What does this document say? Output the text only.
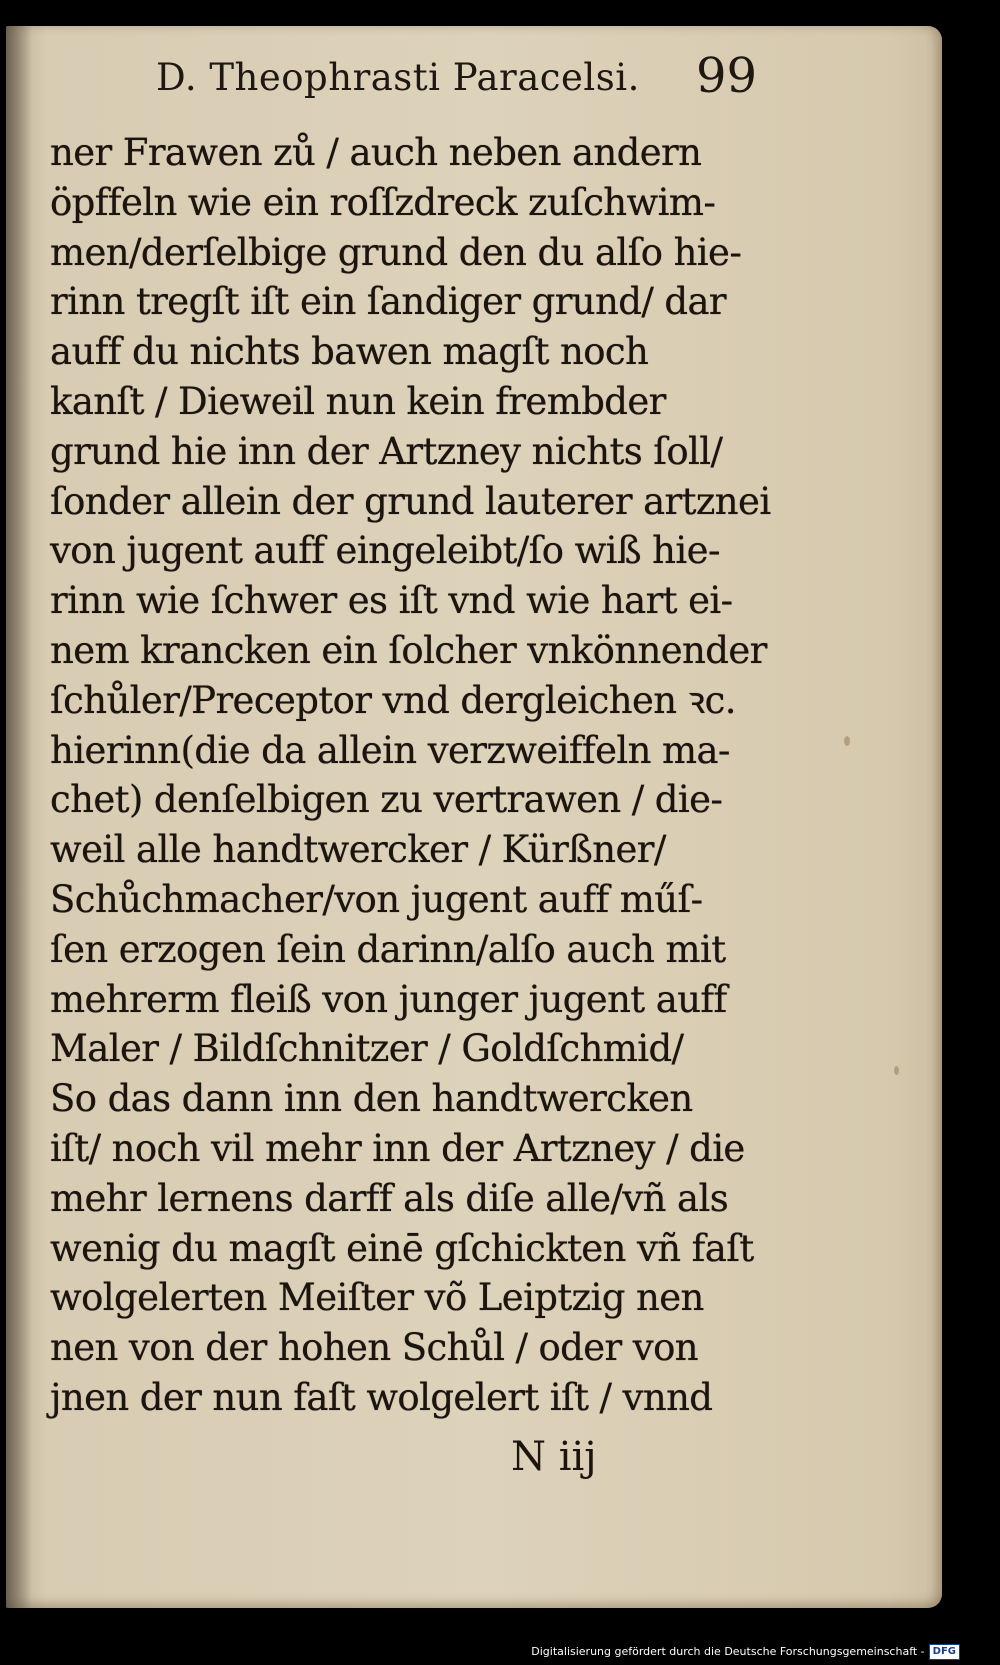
D. Theophrasti Paracelsi.	99
ner Frawen zů / auch neben andern
öpffeln wie ein roſſzdreck zuſchwim-
men/derſelbige grund den du alſo hie-
rinn tregſt iſt ein ſandiger grund/ dar
auff du nichts bawen magſt noch
kanſt / Dieweil nun kein frembder
grund hie inn der Artzney nichts ſoll/
ſonder allein der grund lauterer artznei
von jugent auff eingeleibt/ſo wiß hie-
rinn wie ſchwer es iſt vnd wie hart ei-
nem krancken ein ſolcher vnkönnender
ſchůler/Preceptor vnd dergleichen ꝛc.
hierinn(die da allein verzweiffeln ma-
chet) denſelbigen zu vertrawen / die-
weil alle handtwercker / Kürßner/
Schůchmacher/von jugent auff műſ-
ſen erzogen ſein darinn/alſo auch mit
mehrerm fleiß von junger jugent auff
Maler / Bildſchnitzer / Goldſchmid/
So das dann inn den handtwercken
iſt/ noch vil mehr inn der Artzney / die
mehr lernens darff als diſe alle/vñ als
wenig du magſt einē gſchickten vñ faſt
wolgelerten Meiſter võ Leiptzig nen
nen von der hohen Schůl / oder von
jnen der nun faſt wolgelert iſt / vnnd
N iij
Digitalisierung gefördert durch die Deutsche Forschungsgemeinschaft - DFG
